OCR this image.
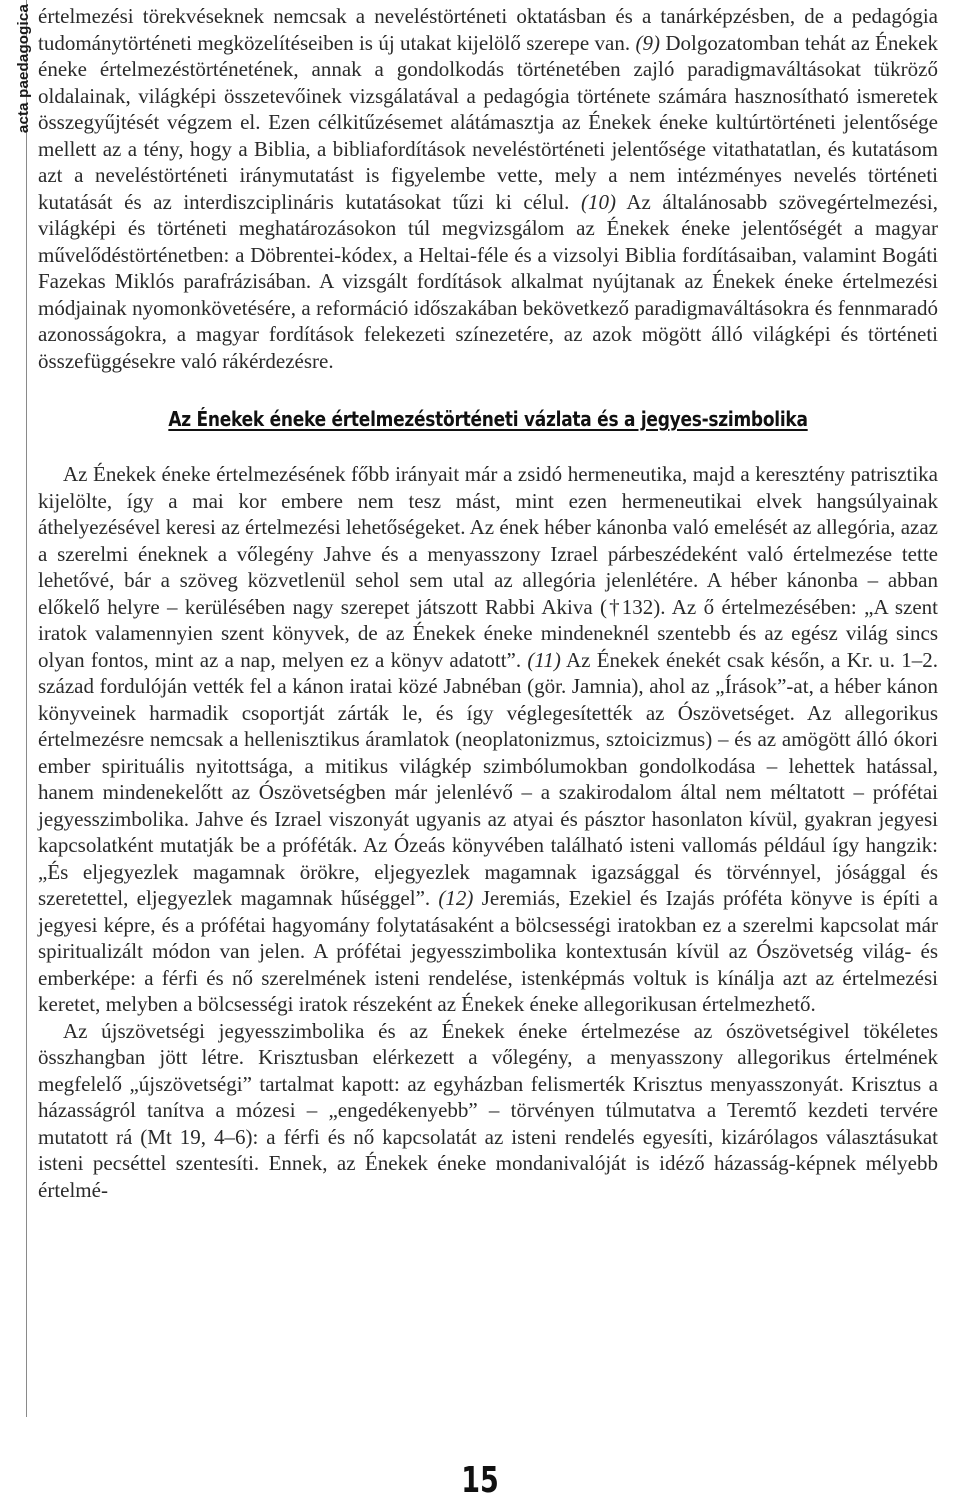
acta paedagogica értelmezési törekvéseknek nemcsak a neveléstörténeti oktatásban és a tanárképzésben, de a pedagógia tudománytörténeti megközelítéseiben is új utakat kijelölő szerepe van. (9) Dolgozatomban tehát az Énekek éneke értelmezéstörténetének, annak a gondolkodás történetében zajló paradigmaváltásokat tükröző oldalainak, világképi összetevőinek vizsgálatával a pedagógia története számára hasznosítható ismeretek összegyűjtését végzem el. Ezen célkitűzésemet alátámasztja az Énekek éneke kultúrtörténeti jelentősége mellett az a tény, hogy a Biblia, a bibliafordítások neveléstörténeti jelentősége vitathatatlan, és kutatásom azt a neveléstörténeti iránymutatást is figyelembe vette, mely a nem intézményes nevelés történeti kutatását és az interdiszciplináris kutatásokat tűzi ki célul. (10) Az általánosabb szövegértelmezési, világképi és történeti meghatározásokon túl megvizsgálom az Énekek éneke jelentőségét a magyar művelődéstörténetben: a Döbrentei-kódex, a Heltai-féle és a vizsolyi Biblia fordításaiban, valamint Bogáti Fazekas Miklós parafrázisában. A vizsgált fordítások alkalmat nyújtanak az Énekek éneke értelmezési módjainak nyomonkövetésére, a reformáció időszakában bekövetkező paradigmaváltásokra és fennmaradó azonosságokra, a magyar fordítások felekezeti színezetére, az azok mögött álló világképi és történeti összefüggésekre való rákérdezésre.

Az Énekek éneke értelmezéstörténeti vázlata és a jegyes-szimbolika

Az Énekek éneke értelmezésének főbb irányait már a zsidó hermeneutika, majd a keresztény patrisztika kijelölte, így a mai kor embere nem tesz mást, mint ezen hermeneutikai elvek hangsúlyainak áthelyezésével keresi az értelmezési lehetőségeket. Az ének héber kánonba való emelését az allegória, azaz a szerelmi éneknek a vőlegény Jahve és a menyasszony Izrael párbeszédeként való értelmezése tette lehetővé, bár a szöveg közvetlenül sehol sem utal az allegória jelenlétére. A héber kánonba – abban előkelő helyre – kerülésében nagy szerepet játszott Rabbi Akiva (†132). Az ő értelmezésében: „A szent iratok valamennyien szent könyvek, de az Énekek éneke mindeneknél szentebb és az egész világ sincs olyan fontos, mint az a nap, melyen ez a könyv adatott”. (11) Az Énekek énekét csak későn, a Kr. u. 1–2. század fordulóján vették fel a kánon iratai közé Jabnéban (gör. Jamnia), ahol az „Írások”-at, a héber kánon könyveinek harmadik csoportját zárták le, és így véglegesítették az Ószövetséget. Az allegorikus értelmezésre nemcsak a hellenisztikus áramlatok (neoplatonizmus, sztoicizmus) – és az amögött álló ókori ember spirituális nyitottsága, a mitikus világkép szimbólumokban gondolkodása – lehettek hatással, hanem mindenekelőtt az Ószövetségben már jelenlévő – a szakirodalom által nem méltatott – prófétai jegyesszimbolika. Jahve és Izrael viszonyát ugyanis az atyai és pásztor hasonlaton kívül, gyakran jegyesi kapcsolatként mutatják be a próféták. Az Ózeás könyvében található isteni vallomás például így hangzik: „És eljegyezlek magamnak örökre, eljegyezlek magamnak igazsággal és törvénnyel, jósággal és szeretettel, eljegyezlek magamnak hűséggel”. (12) Jeremiás, Ezekiel és Izajás próféta könyve is építi a jegyesi képre, és a prófétai hagyomány folytatásaként a bölcsességi iratokban ez a szerelmi kapcsolat már spiritualizált módon van jelen. A prófétai jegyesszimbolika kontextusán kívül az Ószövetség világ- és emberképe: a férfi és nő szerelmének isteni rendelése, istenképmás voltuk is kínálja azt az értelmezési keretet, melyben a bölcsességi iratok részeként az Énekek éneke allegorikusan értelmezhető.

Az újszövetségi jegyesszimbolika és az Énekek éneke értelmezése az ószövetségivel tökéletes összhangban jött létre. Krisztusban elérkezett a vőlegény, a menyasszony allegorikus értelmének megfelelő „újszövetségi” tartalmat kapott: az egyházban felismerték Krisztus menyasszonyát. Krisztus a házasságról tanítva a mózesi – „engedékenyebb” – törvényen túlmutatva a Teremtő kezdeti tervére mutatott rá (Mt 19, 4–6): a férfi és nő kapcsolatát az isteni rendelés egyesíti, kizárólagos választásukat isteni pecséttel szentesíti. Ennek, az Énekek éneke mondanivalóját is idéző házasság-képnek mélyebb értelmé-

15
